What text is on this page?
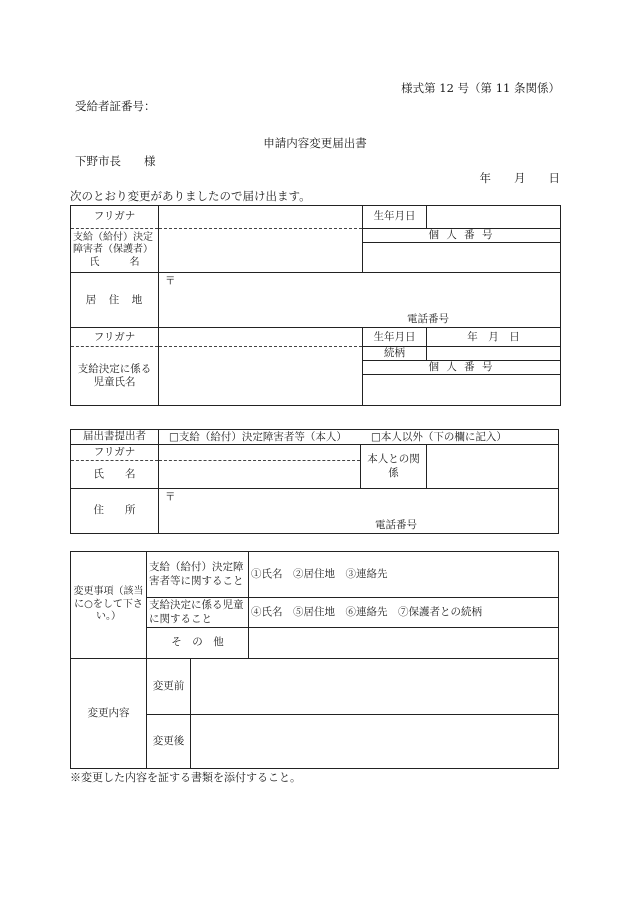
様式第 12 号（第 11 条関係）
受給者証番号：
申請内容変更届出書
下野市長　　様
年　　月　　日
次のとおり変更がありましたので届け出ます。
フリガナ		生年月日	

支給（給付）決定障害者（保護者）
氏　　　名		個 人 番 号	

居　住　地	〒
電話番号		

フリガナ		生年月日	年　月　日
支給決定に係る児童氏名		続柄	
		個 人 番 号	

届出書提出者	□支給（給付）決定障害者等（本人） □本人以外（下の欄に記入）		

フリガナ		本人との関係	
氏　　名			
住　　所	〒
電話番号		
変更事項（該当に○をして下さい。）	支給（給付）決定障害者等に関すること		①氏名　②居住地　③連絡先
	支給決定に係る児童に関すること		④氏名　⑤居住地　⑥連絡先　⑦保護者との続柄
	そ　の　他		
変更内容	変更前		
	変更後		
※変更した内容を証する書類を添付すること。
